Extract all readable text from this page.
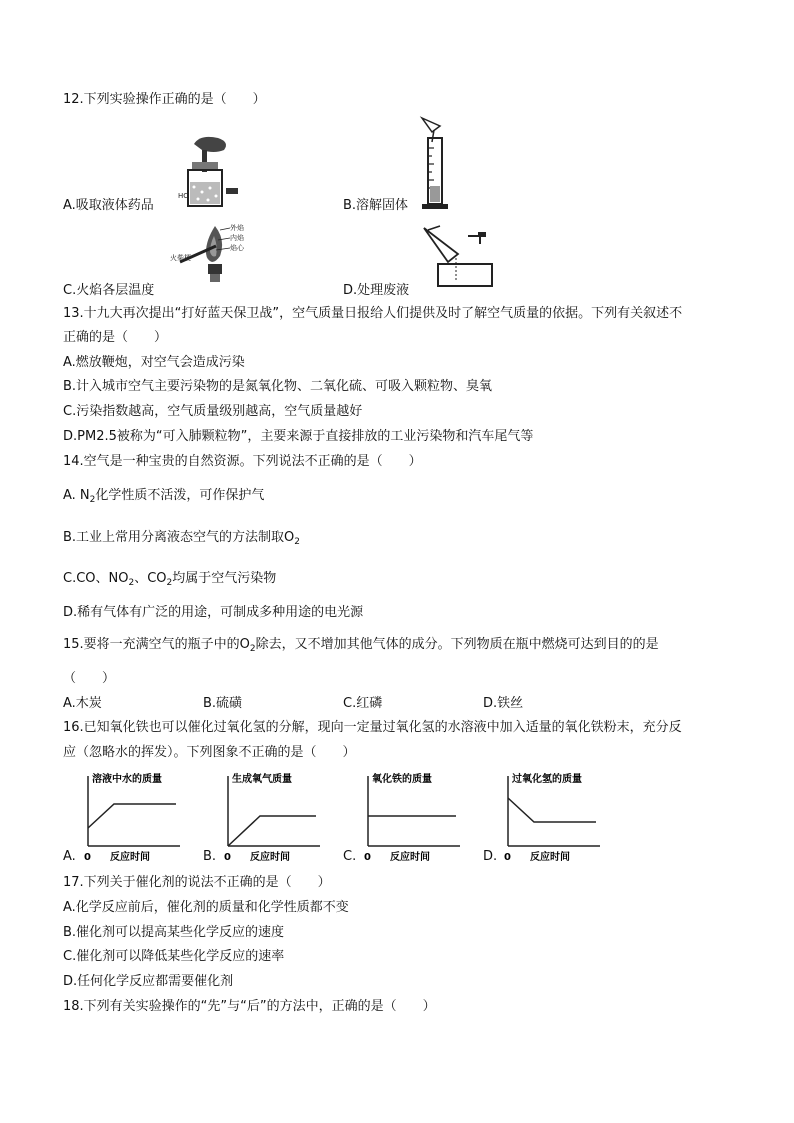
12.下列实验操作正确的是（　　）
HC
A.吸取液体药品	B.溶解固体
外焰
内焰
焰心
火柴梗
C.火焰各层温度	D.处理废液
13.十九大再次提出“打好蓝天保卫战”，空气质量日报给人们提供及时了解空气质量的依据。下列有关叙述不
正确的是（　　）
A.燃放鞭炮，对空气会造成污染
B.计入城市空气主要污染物的是氮氧化物、二氧化硫、可吸入颗粒物、臭氧
C.污染指数越高，空气质量级别越高，空气质量越好
D.PM2.5被称为“可入肺颗粒物”，主要来源于直接排放的工业污染物和汽车尾气等
14.空气是一种宝贵的自然资源。下列说法不正确的是（　　）
A. $N_2$化学性质不活泼，可作保护气
B.工业上常用分离液态空气的方法制取$O_2$
C.CO、$NO_2$、$CO_2$均属于空气污染物
D.稀有气体有广泛的用途，可制成多种用途的电光源
15.要将一充满空气的瓶子中的$O_2$除去，又不增加其他气体的成分。下列物质在瓶中燃烧可达到目的的是
（　　）
A.木炭	B.硫磺	C.红磷	D.铁丝
16.已知氧化铁也可以催化过氧化氢的分解，现向一定量过氧化氢的水溶液中加入适量的氧化铁粉末，充分反
应（忽略水的挥发）。下列图象不正确的是（　　）
A.
溶液中水的质量
0 反应时间	B.
生成氧气质量
0 反应时间	C.
氧化铁的质量
0 反应时间	D.
过氧化氢的质量
0 反应时间
17.下列关于催化剂的说法不正确的是（　　）
A.化学反应前后，催化剂的质量和化学性质都不变
B.催化剂可以提高某些化学反应的速度
C.催化剂可以降低某些化学反应的速率
D.任何化学反应都需要催化剂
18.下列有关实验操作的“先”与“后”的方法中，正确的是（　　）
